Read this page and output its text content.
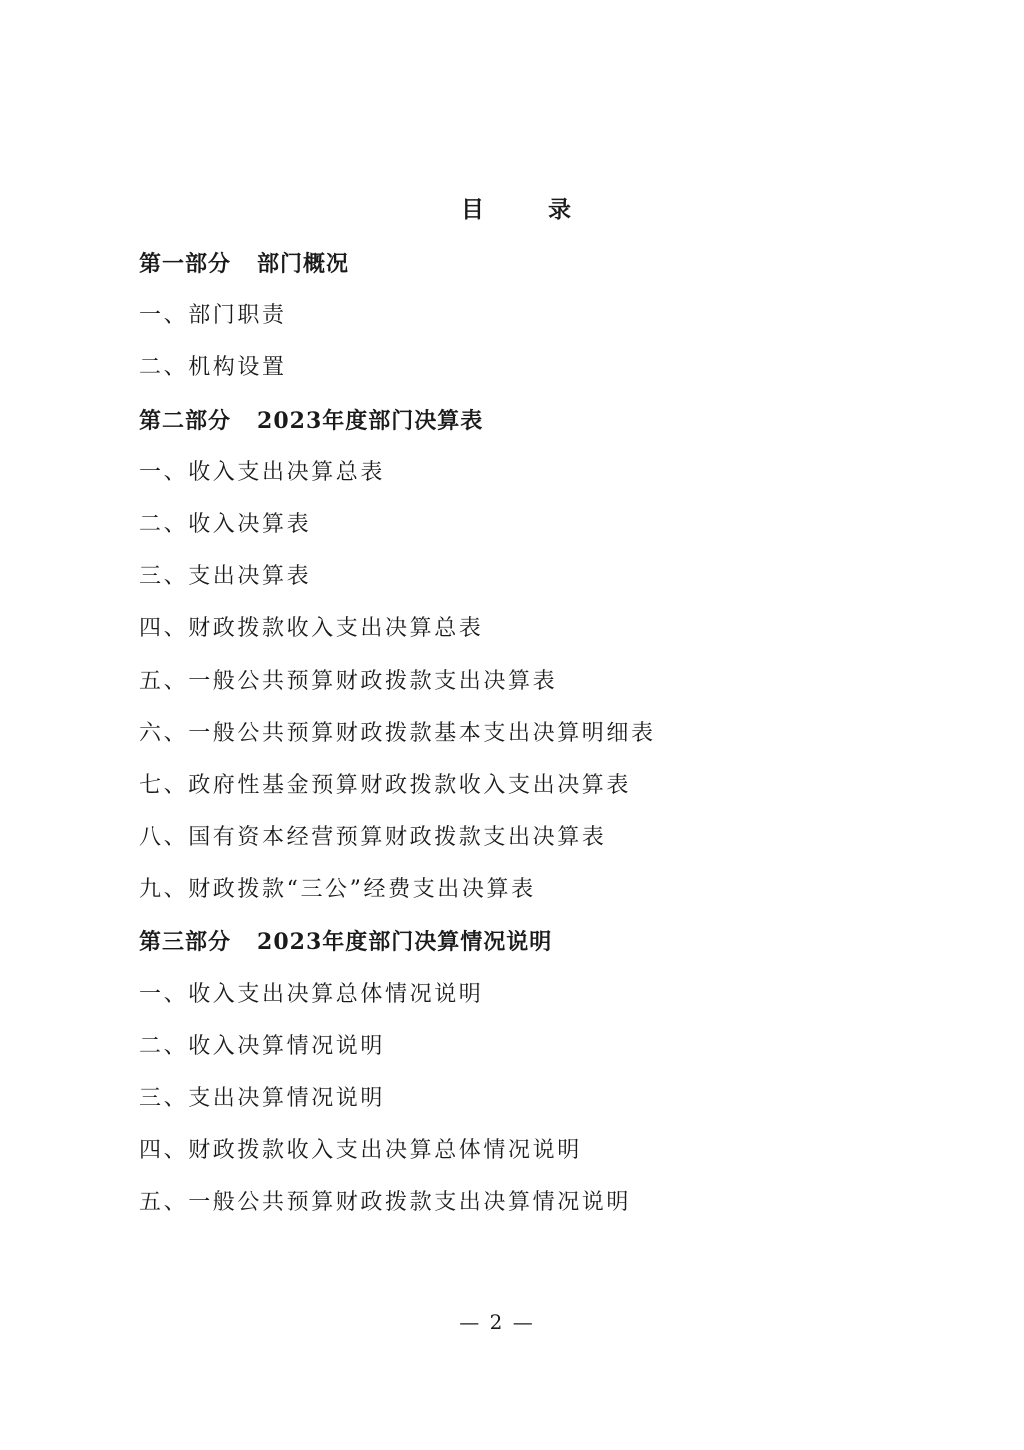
目 录
第一部分 部门概况
一、部门职责
二、机构设置
第二部分 2023年度部门决算表
一、收入支出决算总表
二、收入决算表
三、支出决算表
四、财政拨款收入支出决算总表
五、一般公共预算财政拨款支出决算表
六、一般公共预算财政拨款基本支出决算明细表
七、政府性基金预算财政拨款收入支出决算表
八、国有资本经营预算财政拨款支出决算表
九、财政拨款“三公”经费支出决算表
第三部分 2023年度部门决算情况说明
一、收入支出决算总体情况说明
二、收入决算情况说明
三、支出决算情况说明
四、财政拨款收入支出决算总体情况说明
五、一般公共预算财政拨款支出决算情况说明
— 2 —
